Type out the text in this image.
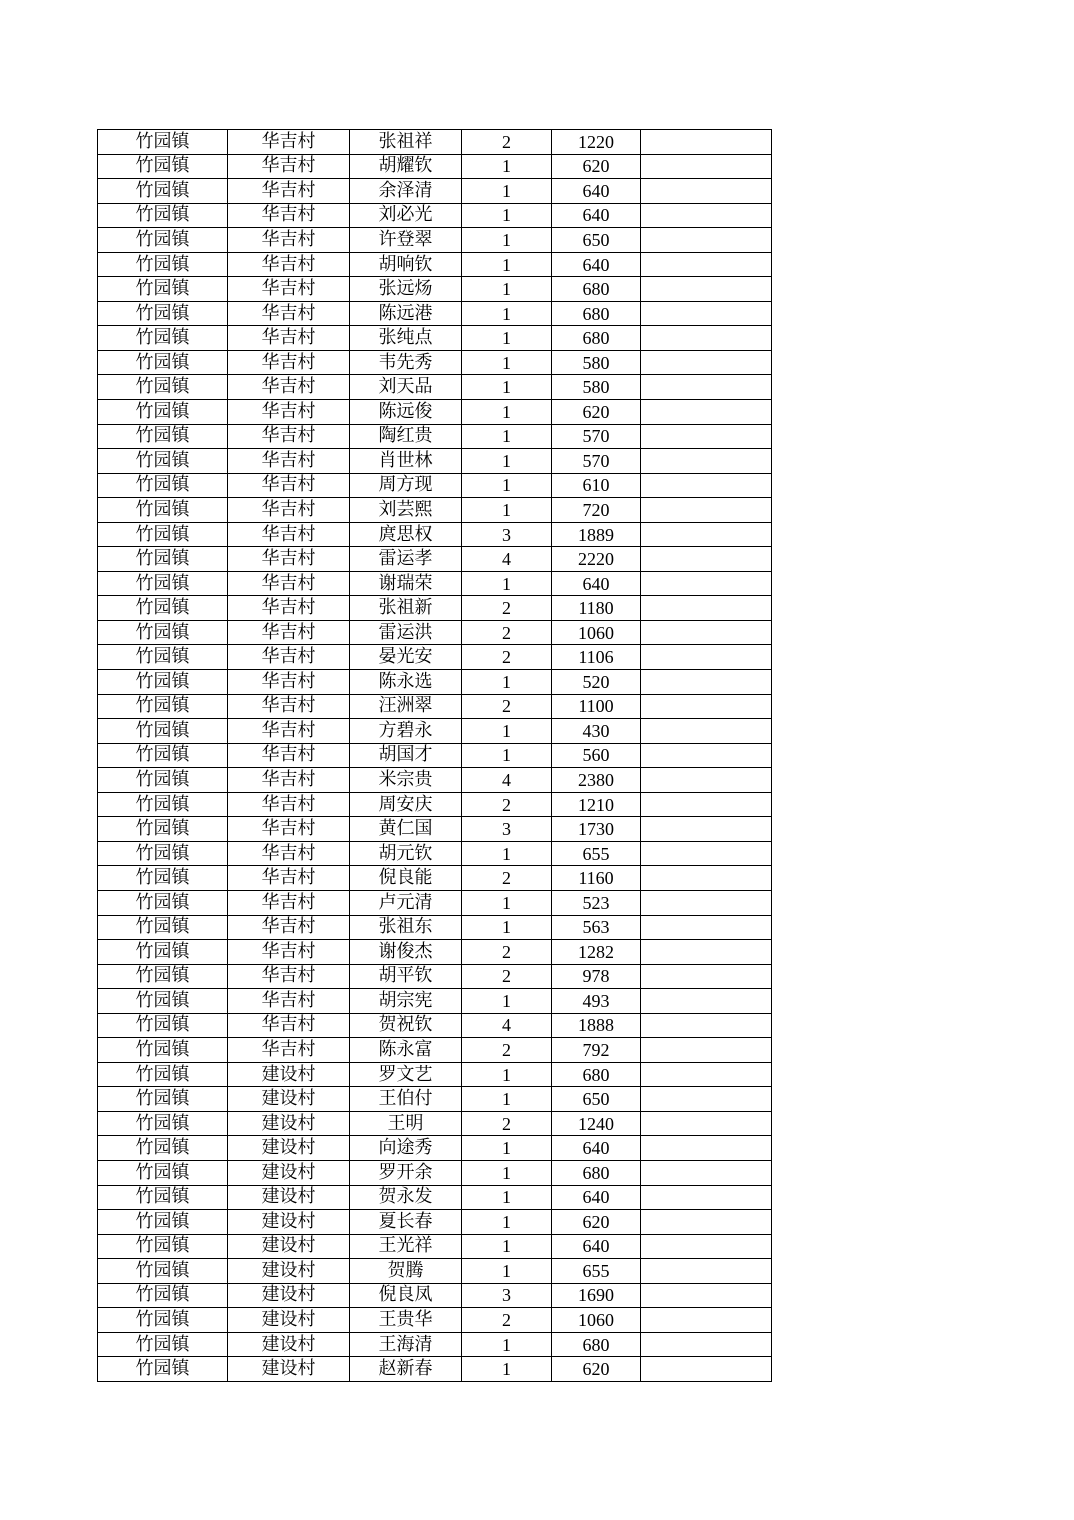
竹园镇	华吉村	张祖祥	2	1220	
竹园镇	华吉村	胡耀钦	1	620	
竹园镇	华吉村	余泽清	1	640	
竹园镇	华吉村	刘必光	1	640	
竹园镇	华吉村	许登翠	1	650	
竹园镇	华吉村	胡响钦	1	640	
竹园镇	华吉村	张远炀	1	680	
竹园镇	华吉村	陈远港	1	680	
竹园镇	华吉村	张纯点	1	680	
竹园镇	华吉村	韦先秀	1	580	
竹园镇	华吉村	刘天品	1	580	
竹园镇	华吉村	陈远俊	1	620	
竹园镇	华吉村	陶红贵	1	570	
竹园镇	华吉村	肖世林	1	570	
竹园镇	华吉村	周方现	1	610	
竹园镇	华吉村	刘芸熙	1	720	
竹园镇	华吉村	庹思权	3	1889	
竹园镇	华吉村	雷运孝	4	2220	
竹园镇	华吉村	谢瑞荣	1	640	
竹园镇	华吉村	张祖新	2	1180	
竹园镇	华吉村	雷运洪	2	1060	
竹园镇	华吉村	晏光安	2	1106	
竹园镇	华吉村	陈永选	1	520	
竹园镇	华吉村	汪洲翠	2	1100	
竹园镇	华吉村	方碧永	1	430	
竹园镇	华吉村	胡国才	1	560	
竹园镇	华吉村	米宗贵	4	2380	
竹园镇	华吉村	周安庆	2	1210	
竹园镇	华吉村	黄仁国	3	1730	
竹园镇	华吉村	胡元钦	1	655	
竹园镇	华吉村	倪良能	2	1160	
竹园镇	华吉村	卢元清	1	523	
竹园镇	华吉村	张祖东	1	563	
竹园镇	华吉村	谢俊杰	2	1282	
竹园镇	华吉村	胡平钦	2	978	
竹园镇	华吉村	胡宗宪	1	493	
竹园镇	华吉村	贺祝钦	4	1888	
竹园镇	华吉村	陈永富	2	792	
竹园镇	建设村	罗文艺	1	680	
竹园镇	建设村	王伯付	1	650	
竹园镇	建设村	王明	2	1240	
竹园镇	建设村	向途秀	1	640	
竹园镇	建设村	罗开余	1	680	
竹园镇	建设村	贺永发	1	640	
竹园镇	建设村	夏长春	1	620	
竹园镇	建设村	王光祥	1	640	
竹园镇	建设村	贺腾	1	655	
竹园镇	建设村	倪良凤	3	1690	
竹园镇	建设村	王贵华	2	1060	
竹园镇	建设村	王海清	1	680	
竹园镇	建设村	赵新春	1	620	
